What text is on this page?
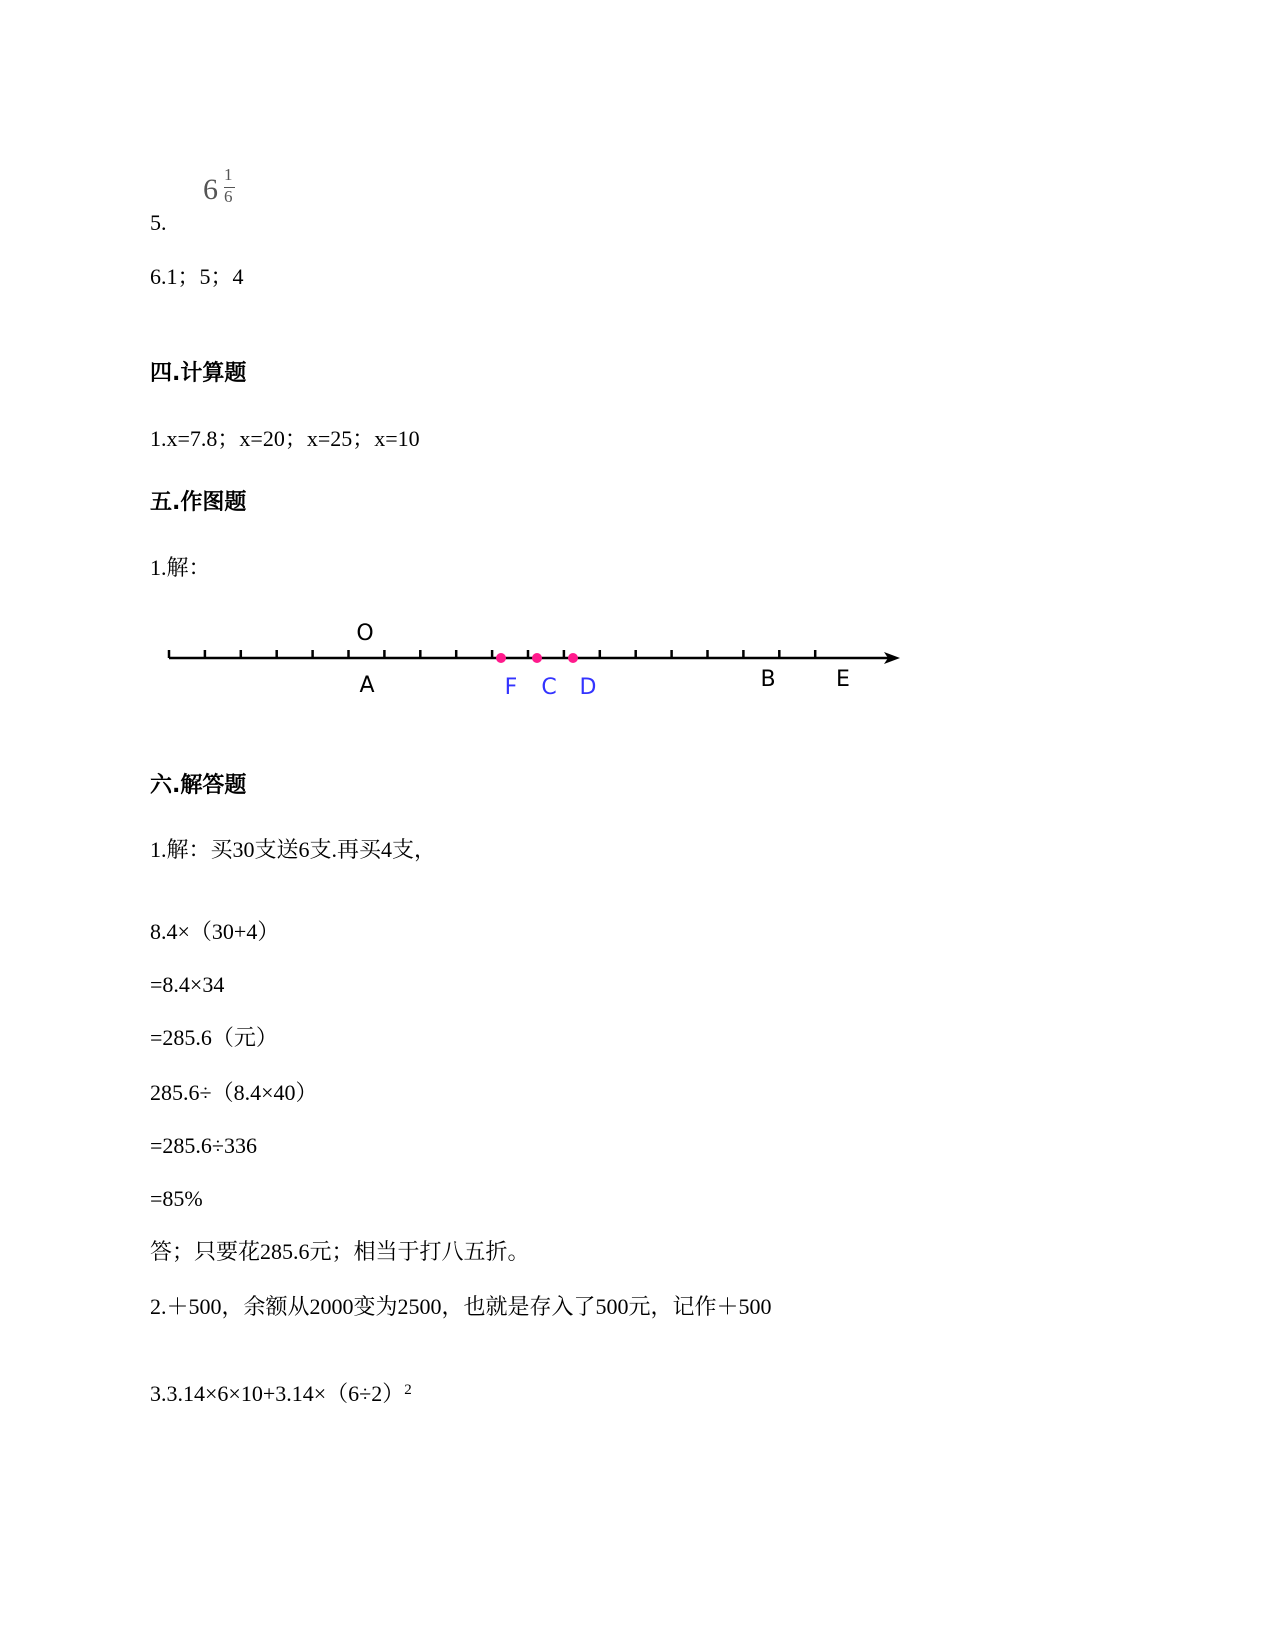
6 1
6
5.
6.1；5；4
四.计算题
1.x=7.8；x=20；x=25；x=10
五.作图题
1.解：
O
A	F C D	B	E
六.解答题
1.解：买30支送6支.再买4支，
8.4×（30+4）
=8.4×34
=285.6（元）
285.6÷（8.4×40）
=285.6÷336
=85%
答；只要花285.6元；相当于打八五折。
2.＋500，余额从2000变为2500，也就是存入了500元，记作＋500
$3.3.14\times 6\times 10+3.14\times(6\div 2)^2$
